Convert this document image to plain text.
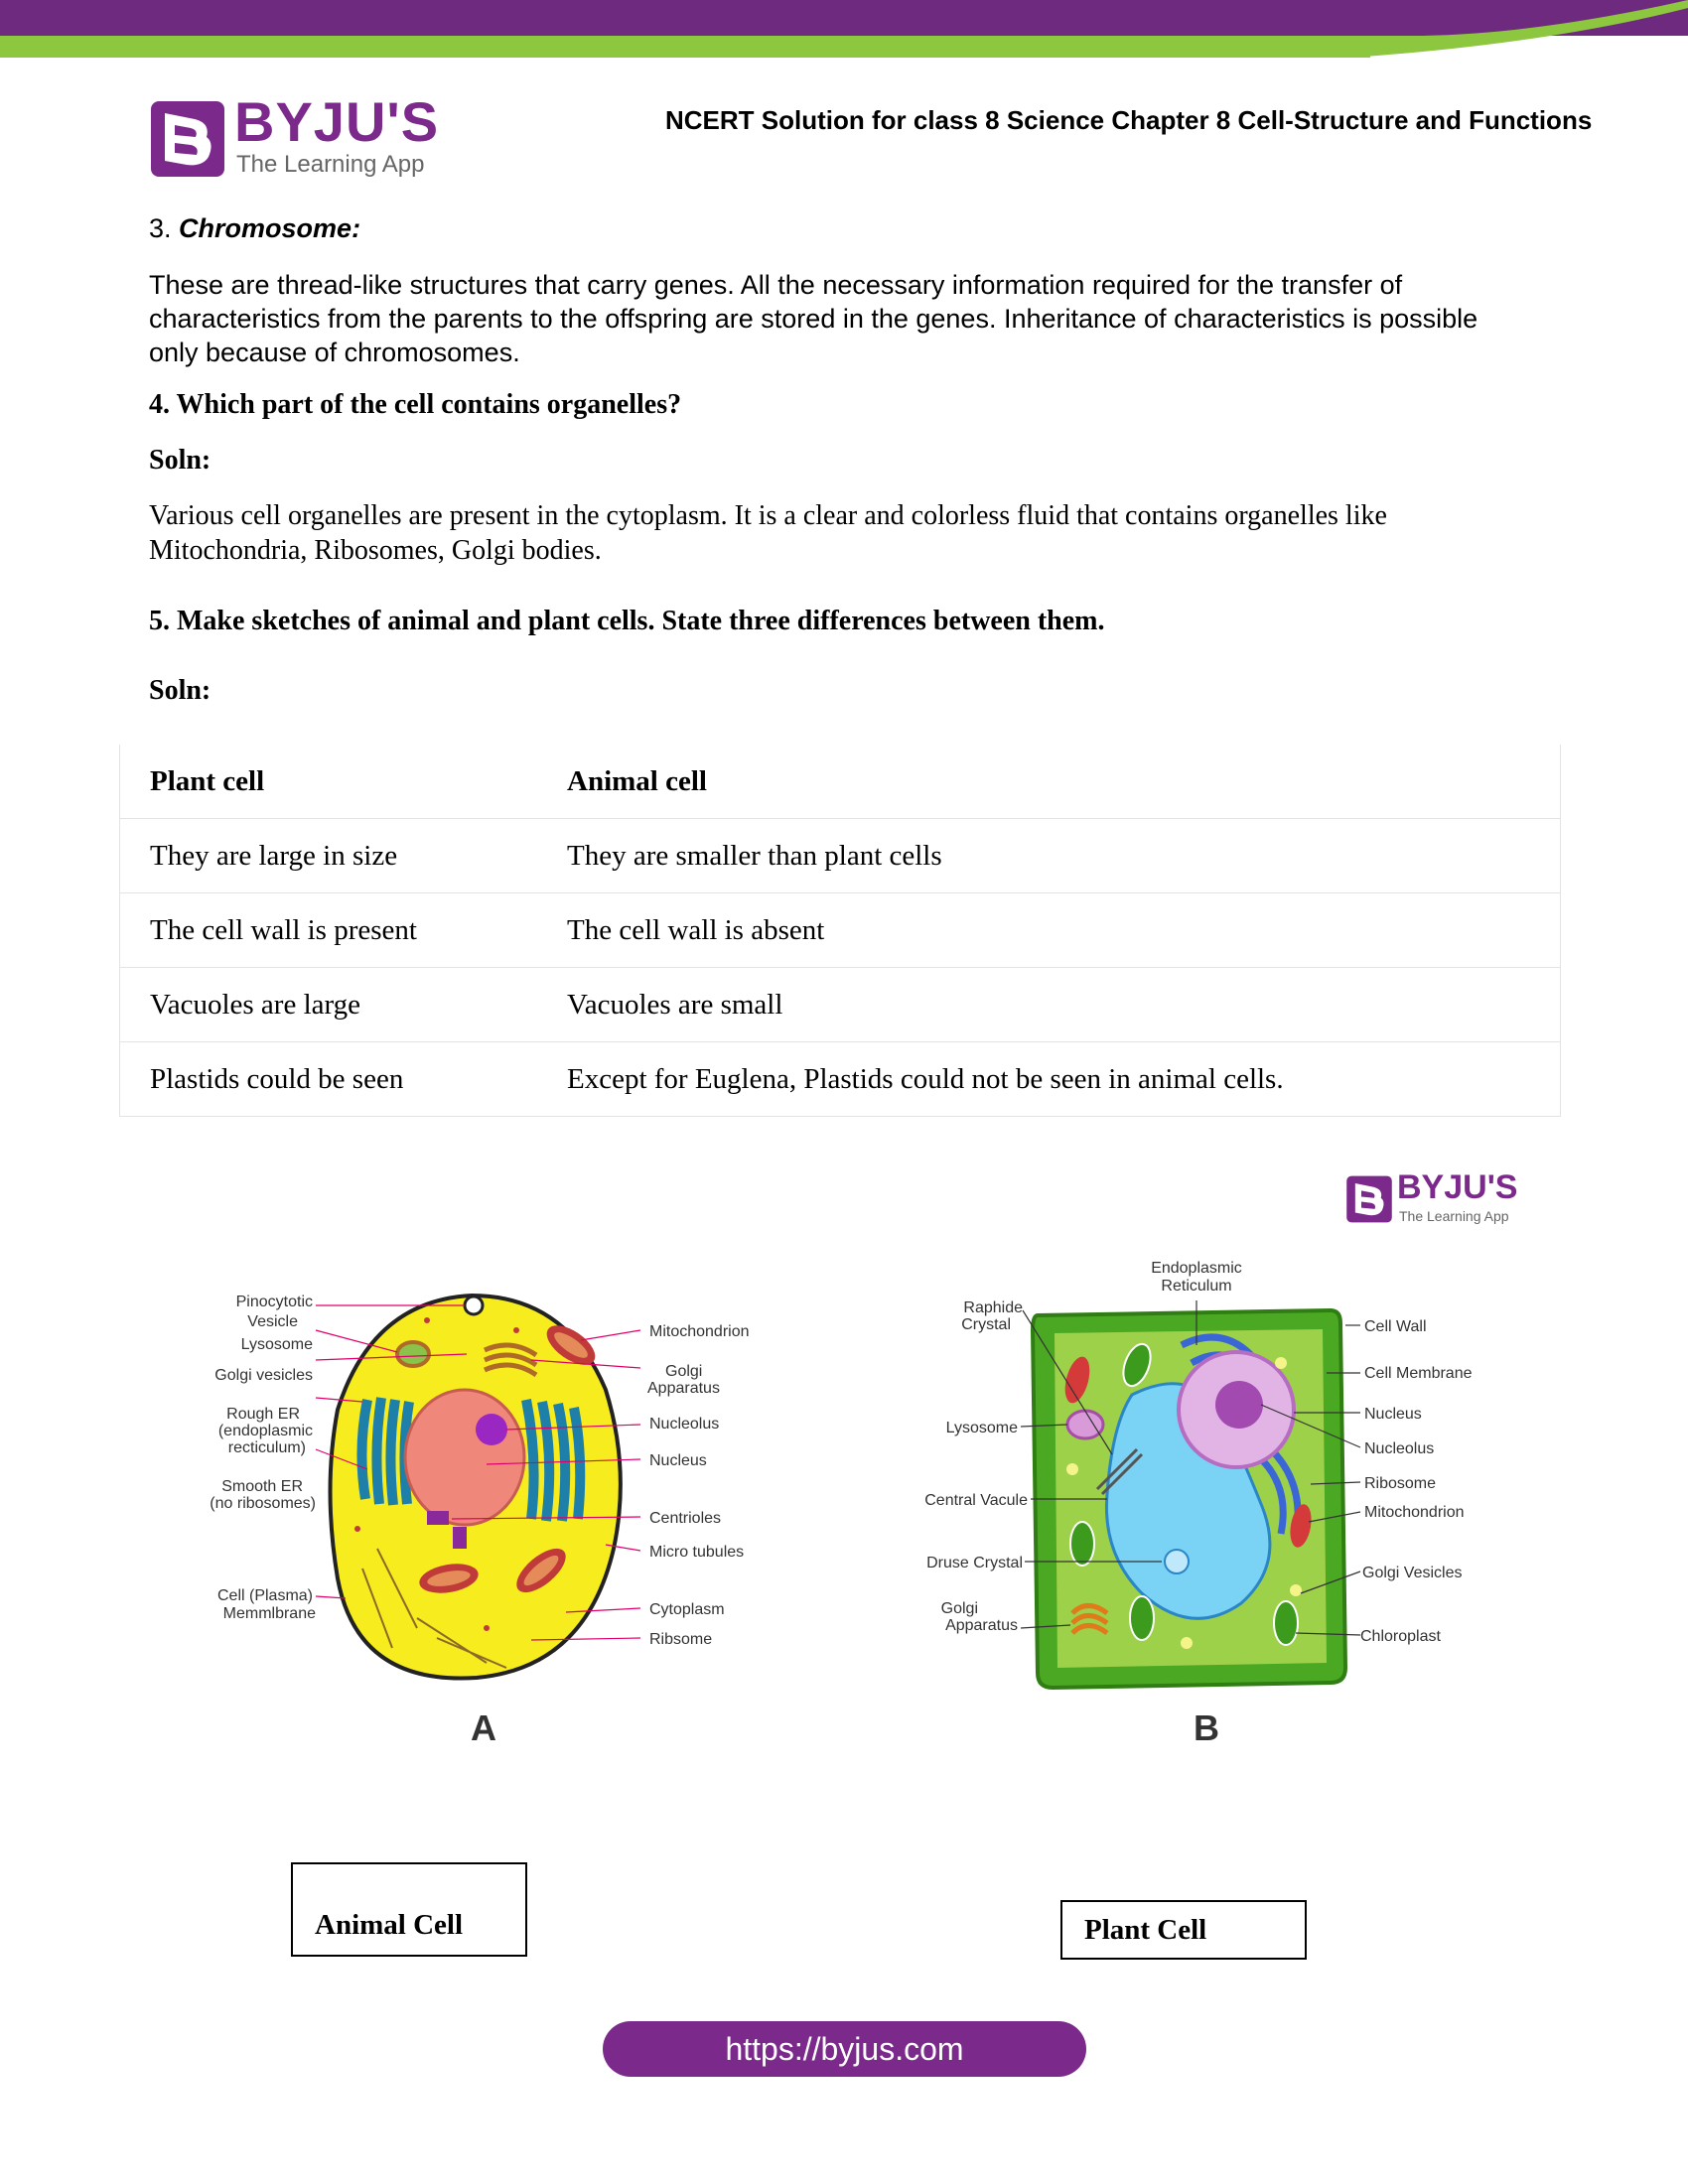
BYJU'S
The Learning App
NCERT Solution for class 8 Science Chapter 8 Cell-Structure and Functions
3. Chromosome:
These are thread-like structures that carry genes. All the necessary information required for the transfer of characteristics from the parents to the offspring are stored in the genes. Inheritance of characteristics is possible only because of chromosomes.
4. Which part of the cell contains organelles?
Soln:
Various cell organelles are present in the cytoplasm. It is a clear and colorless fluid that contains organelles like Mitochondria, Ribosomes, Golgi bodies.
5. Make sketches of animal and plant cells. State three differences between them.
Soln:
Plant cell	Animal cell
They are large in size	They are smaller than plant cells
The cell wall is present	The cell wall is absent
Vacuoles are large	Vacuoles are small
Plastids could be seen	Except for Euglena, Plastids could not be seen in animal cells.
BYJU'S
The Learning App
Pinocytotic
Vesicle
Lysosome
Golgi vesicles
Rough ER
(endoplasmic
recticulum)
Smooth ER
(no ribosomes)
Cell (Plasma)
Memmlbrane
Mitochondrion
Golgi
Apparatus
Nucleolus
Nucleus
Centrioles
Micro tubules
Cytoplasm
Ribsome
Endoplasmic
Reticulum
Raphide
Crystal
Lysosome
Central Vacule
Druse Crystal
Golgi
Apparatus
Cell Wall
Cell Membrane
Nucleus
Nucleolus
Ribosome
Mitochondrion
Golgi Vesicles
Chloroplast
A	B
Animal Cell	Plant Cell
https://byjus.com
